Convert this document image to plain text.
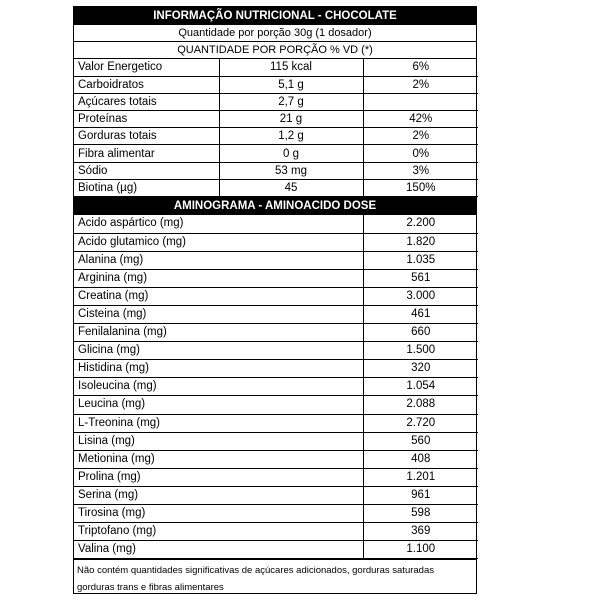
INFORMAÇÃO NUTRICIONAL - CHOCOLATE
Quantidade por porção 30g (1 dosador)
QUANTIDADE POR PORÇÃO % VD (*)
Valor Energetico	115 kcal	6%
Carboidratos	5,1 g	2%
Açúcares totais	2,7 g	
Proteínas	21 g	42%
Gorduras totais	1,2 g	2%
Fibra alimentar	0 g	0%
Sódio	53 mg	3%
Biotina (µg)	45	150%
AMINOGRAMA - AMINOACIDO DOSE
Acido aspártico (mg)	2.200
Acido glutamico (mg)	1.820
Alanina (mg)	1.035
Arginina (mg)	561
Creatina (mg)	3.000
Cisteina (mg)	461
Fenilalanina (mg)	660
Glicina (mg)	1.500
Histidina (mg)	320
Isoleucina (mg)	1.054
Leucina (mg)	2.088
L-Treonina (mg)	2.720
Lisina (mg)	560
Metionina (mg)	408
Prolina (mg)	1.201
Serina (mg)	961
Tirosina (mg)	598
Triptofano (mg)	369
Valina (mg)	1.100
Não contém quantidades significativas de açúcares adicionados, gorduras saturadas gorduras trans e fibras alimentares
